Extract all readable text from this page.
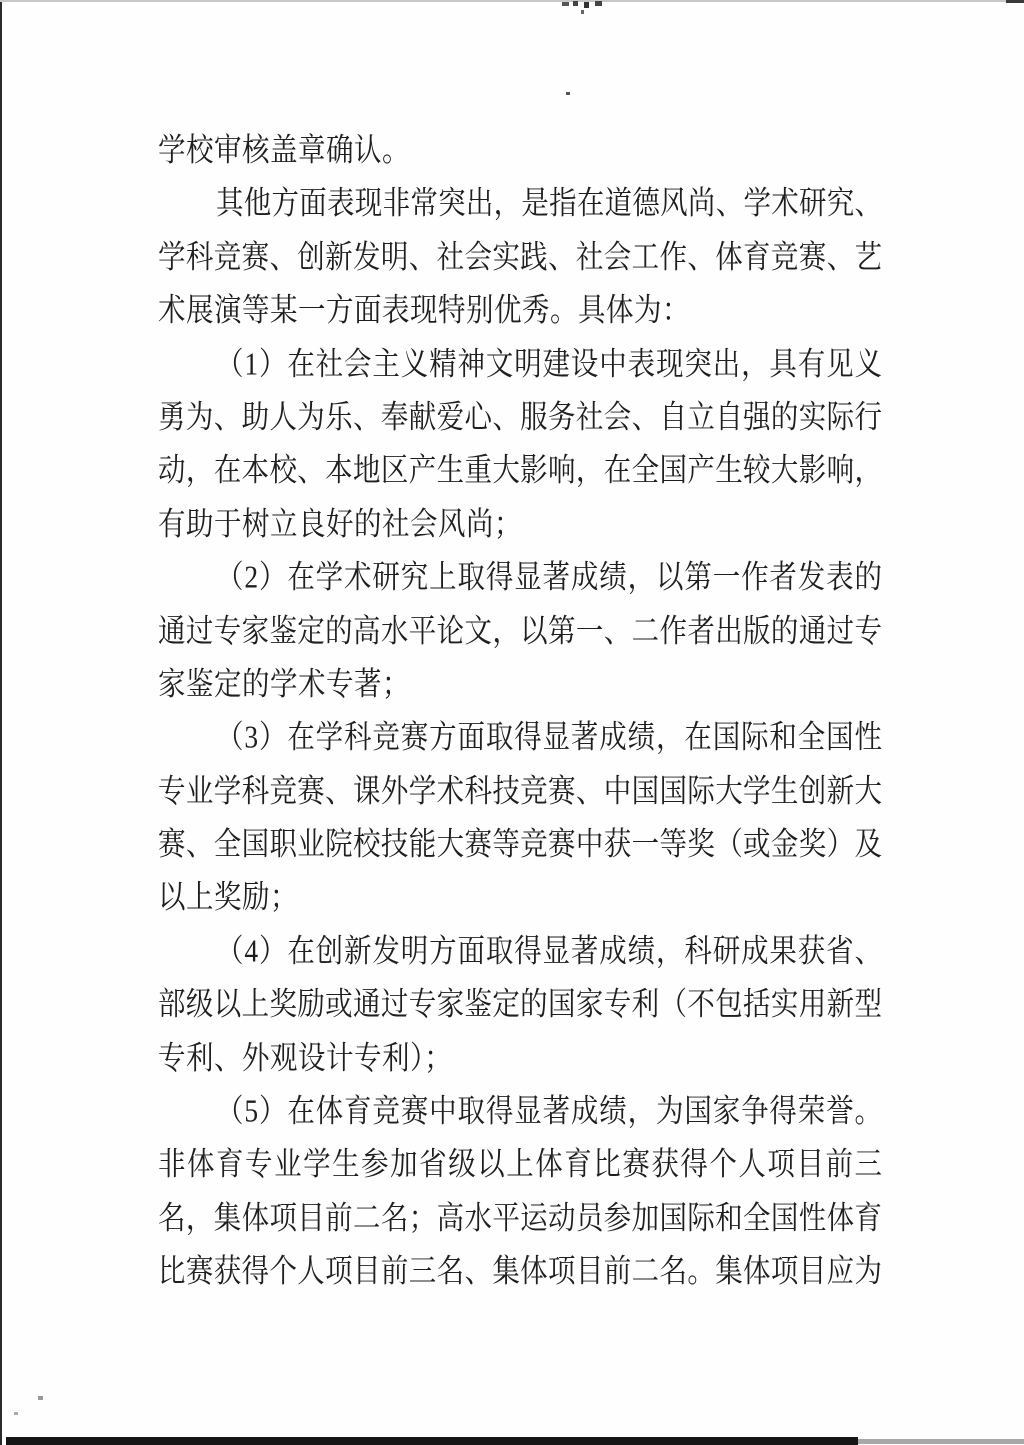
学校审核盖章确认。
其他方面表现非常突出，是指在道德风尚、学术研究、
学科竞赛、创新发明、社会实践、社会工作、体育竞赛、艺
术展演等某一方面表现特别优秀。具体为：
（1）在社会主义精神文明建设中表现突出，具有见义
勇为、助人为乐、奉献爱心、服务社会、自立自强的实际行
动，在本校、本地区产生重大影响，在全国产生较大影响，
有助于树立良好的社会风尚；
（2）在学术研究上取得显著成绩，以第一作者发表的
通过专家鉴定的高水平论文，以第一、二作者出版的通过专
家鉴定的学术专著；
（3）在学科竞赛方面取得显著成绩，在国际和全国性
专业学科竞赛、课外学术科技竞赛、中国国际大学生创新大
赛、全国职业院校技能大赛等竞赛中获一等奖（或金奖）及
以上奖励；
（4）在创新发明方面取得显著成绩，科研成果获省、
部级以上奖励或通过专家鉴定的国家专利（不包括实用新型
专利、外观设计专利）；
（5）在体育竞赛中取得显著成绩，为国家争得荣誉。
非体育专业学生参加省级以上体育比赛获得个人项目前三
名，集体项目前二名；高水平运动员参加国际和全国性体育
比赛获得个人项目前三名、集体项目前二名。集体项目应为
